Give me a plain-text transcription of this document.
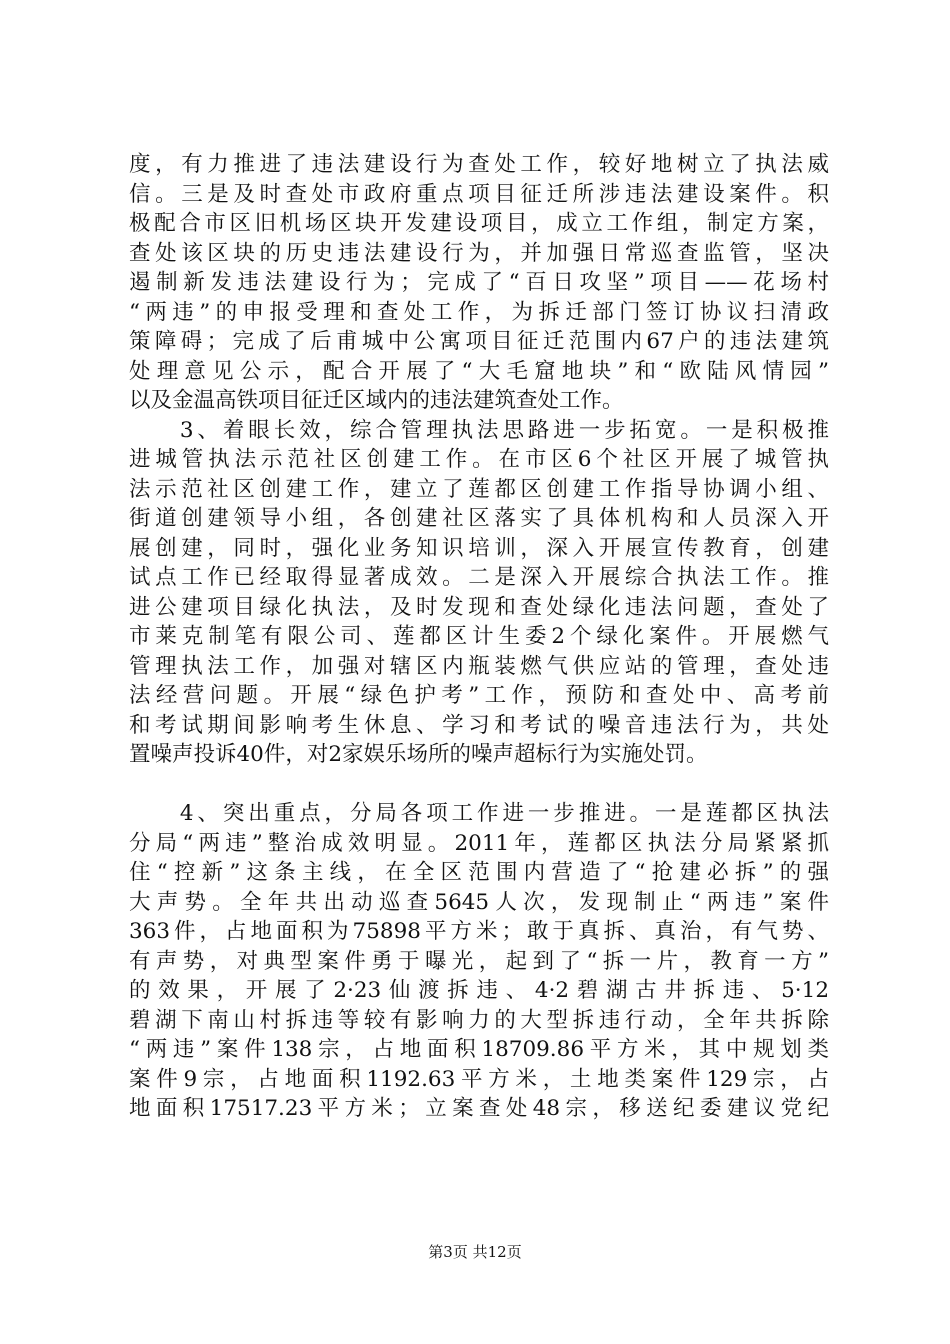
度，有力推进了违法建设行为查处工作，较好地树立了执法威
信。三是及时查处市政府重点项目征迁所涉违法建设案件。积
极配合市区旧机场区块开发建设项目，成立工作组，制定方案，
查处该区块的历史违法建设行为，并加强日常巡查监管，坚决
遏制新发违法建设行为；完成了“百日攻坚”项目——花场村
“两违”的申报受理和查处工作，为拆迁部门签订协议扫清政
策障碍；完成了后甫城中公寓项目征迁范围内67户的违法建筑
处理意见公示，配合开展了“大毛窟地块”和“欧陆风情园”
以及金温高铁项目征迁区域内的违法建筑查处工作。
　　3、着眼长效，综合管理执法思路进一步拓宽。一是积极推
进城管执法示范社区创建工作。在市区6个社区开展了城管执
法示范社区创建工作，建立了莲都区创建工作指导协调小组、
街道创建领导小组，各创建社区落实了具体机构和人员深入开
展创建，同时，强化业务知识培训，深入开展宣传教育，创建
试点工作已经取得显著成效。二是深入开展综合执法工作。推
进公建项目绿化执法，及时发现和查处绿化违法问题，查处了
市莱克制笔有限公司、莲都区计生委2个绿化案件。开展燃气
管理执法工作，加强对辖区内瓶装燃气供应站的管理，查处违
法经营问题。开展“绿色护考”工作，预防和查处中、高考前
和考试期间影响考生休息、学习和考试的噪音违法行为，共处
置噪声投诉40件，对2家娱乐场所的噪声超标行为实施处罚。
　　4、突出重点，分局各项工作进一步推进。一是莲都区执法
分局“两违”整治成效明显。2011年，莲都区执法分局紧紧抓
住“控新”这条主线，在全区范围内营造了“抢建必拆”的强
大声势。全年共出动巡查5645人次，发现制止“两违”案件
363件，占地面积为75898平方米；敢于真拆、真治，有气势、
有声势，对典型案件勇于曝光，起到了“拆一片，教育一方”
的效果，开展了2·23仙渡拆违、4·2碧湖古井拆违、5·12
碧湖下南山村拆违等较有影响力的大型拆违行动，全年共拆除
“两违”案件138宗，占地面积18709.86平方米，其中规划类
案件9宗，占地面积1192.63平方米，土地类案件129宗，占
地面积17517.23平方米；立案查处48宗，移送纪委建议党纪
第3页 共12页
